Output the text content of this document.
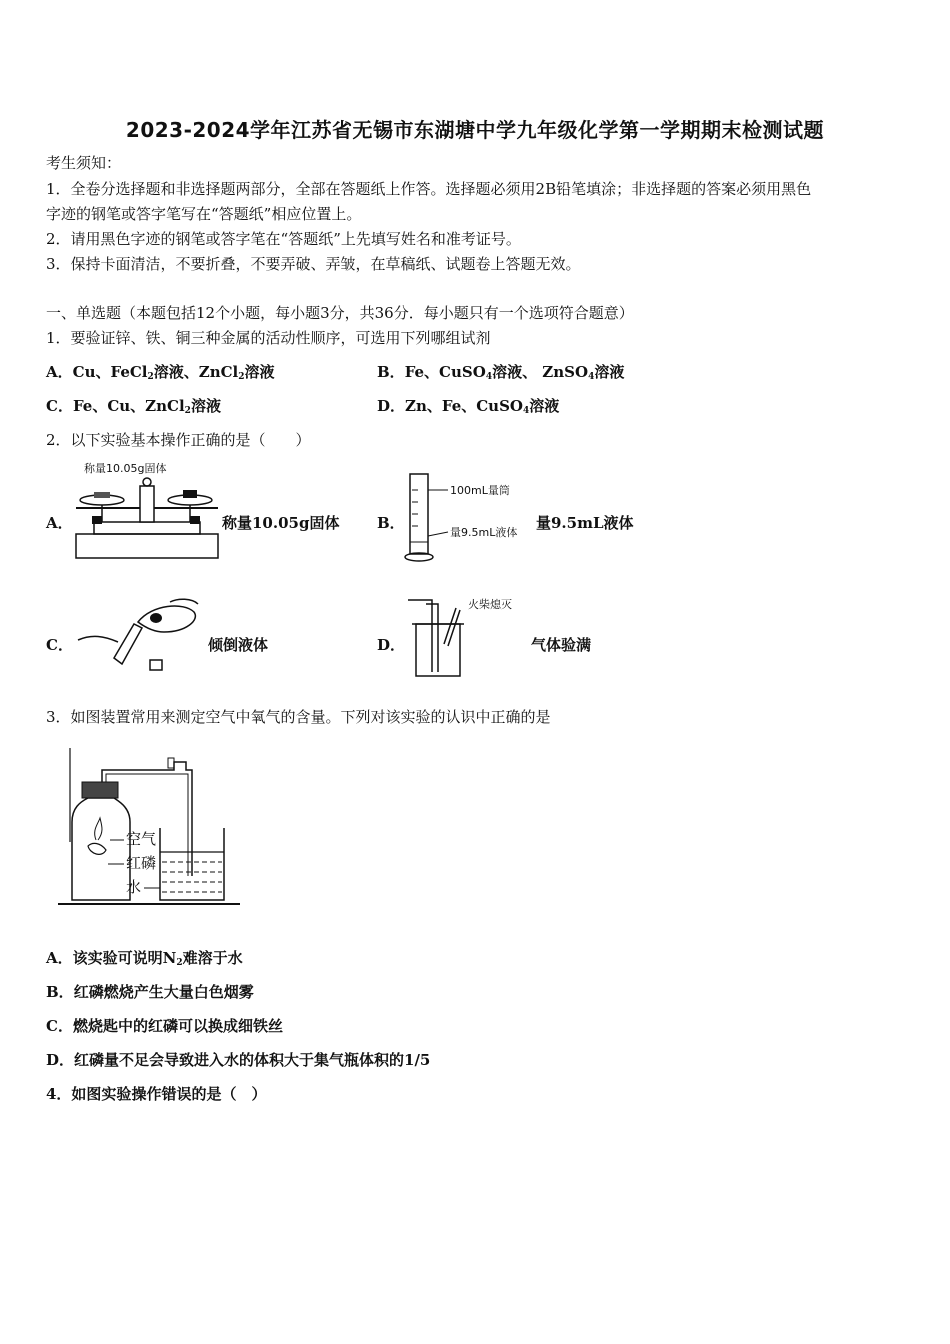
2023-2024学年江苏省无锡市东湖塘中学九年级化学第一学期期末检测试题
考生须知：
1．全卷分选择题和非选择题两部分，全部在答题纸上作答。选择题必须用2B铅笔填涂；非选择题的答案必须用黑色
字迹的钢笔或答字笔写在“答题纸”相应位置上。
2．请用黑色字迹的钢笔或答字笔在“答题纸”上先填写姓名和准考证号。
3．保持卡面清洁，不要折叠，不要弄破、弄皱，在草稿纸、试题卷上答题无效。
一、单选题（本题包括12个小题，每小题3分，共36分．每小题只有一个选项符合题意）
1．要验证锌、铁、铜三种金属的活动性顺序，可选用下列哪组试剂
A．Cu、FeCl$_2$溶液、ZnCl$_2$溶液	B．Fe、CuSO$_4$溶液、 ZnSO$_4$溶液
C．Fe、Cu、ZnCl$_2$溶液	D．Zn、Fe、CuSO$_4$溶液
2．以下实验基本操作正确的是（　　）
A．
称量10.05g固体
称量10.05g固体	B．
100mL量筒
量9.5mL液体
量9.5mL液体
C．	倾倒液体	D．
火柴熄灭
气体验满
3．如图装置常用来测定空气中氧气的含量。下列对该实验的认识中正确的是
空气
红磷
水
A．该实验可说明$N_2$难溶于水
B．红磷燃烧产生大量白色烟雾
C．燃烧匙中的红磷可以换成细铁丝
D．红磷量不足会导致进入水的体积大于集气瓶体积的1/5
4．如图实验操作错误的是（　）
